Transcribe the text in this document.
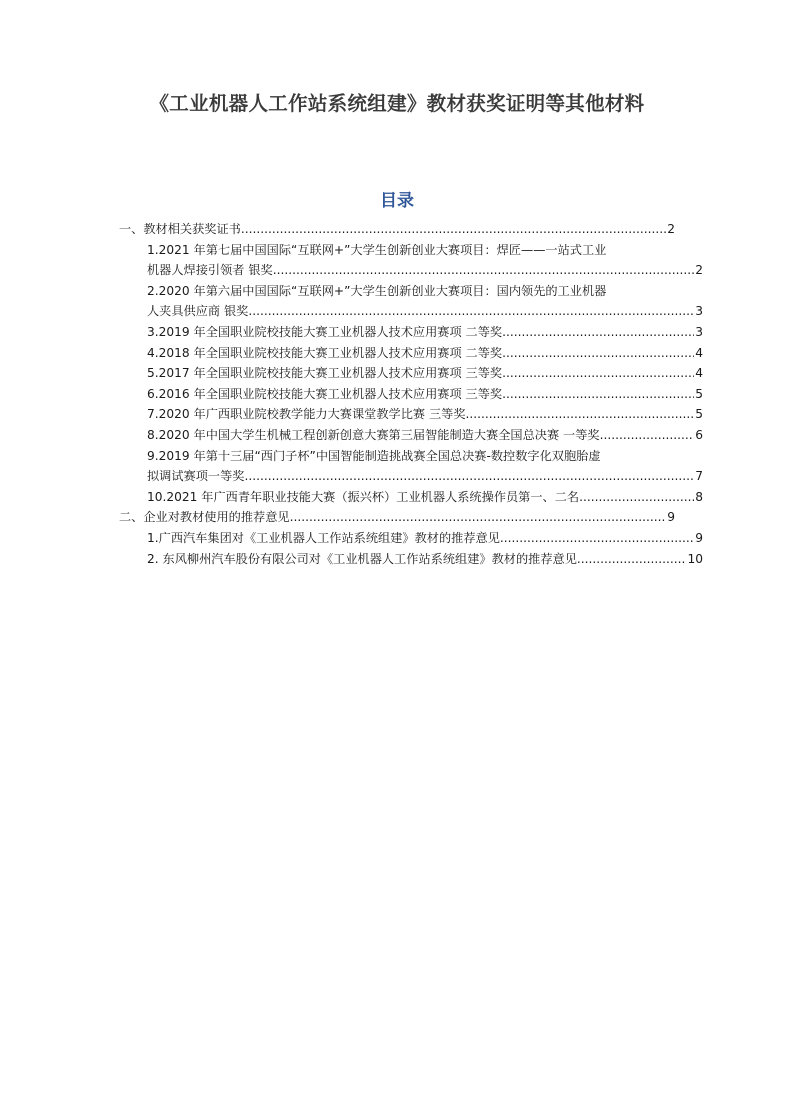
《工业机器人工作站系统组建》教材获奖证明等其他材料
目录
一、教材相关获奖证书 .....	2
1.2021 年第七届中国国际“互联网+”大学生创新创业大赛项目：焊匠——一站式工业
机器人焊接引领者 银奖 .....	2
2.2020 年第六届中国国际“互联网+”大学生创新创业大赛项目：国内领先的工业机器
人夹具供应商 银奖 .....	3
3.2019 年全国职业院校技能大赛工业机器人技术应用赛项 二等奖 .....	3
4.2018 年全国职业院校技能大赛工业机器人技术应用赛项 二等奖 .....	4
5.2017 年全国职业院校技能大赛工业机器人技术应用赛项 三等奖 .....	4
6.2016 年全国职业院校技能大赛工业机器人技术应用赛项 三等奖 .....	5
7.2020 年广西职业院校教学能力大赛课堂教学比赛 三等奖 .....	5
8.2020 年中国大学生机械工程创新创意大赛第三届智能制造大赛全国总决赛 一等奖 .....	6
9.2019 年第十三届“西门子杯”中国智能制造挑战赛全国总决赛-数控数字化双胞胎虚
拟调试赛项一等奖 .....	7
10.2021 年广西青年职业技能大赛（振兴杯）工业机器人系统操作员第一、二名 .....	8
二、企业对教材使用的推荐意见 .....	9
1.广西汽车集团对《工业机器人工作站系统组建》教材的推荐意见 .....	9
2. 东风柳州汽车股份有限公司对《工业机器人工作站系统组建》教材的推荐意见 .....	10
